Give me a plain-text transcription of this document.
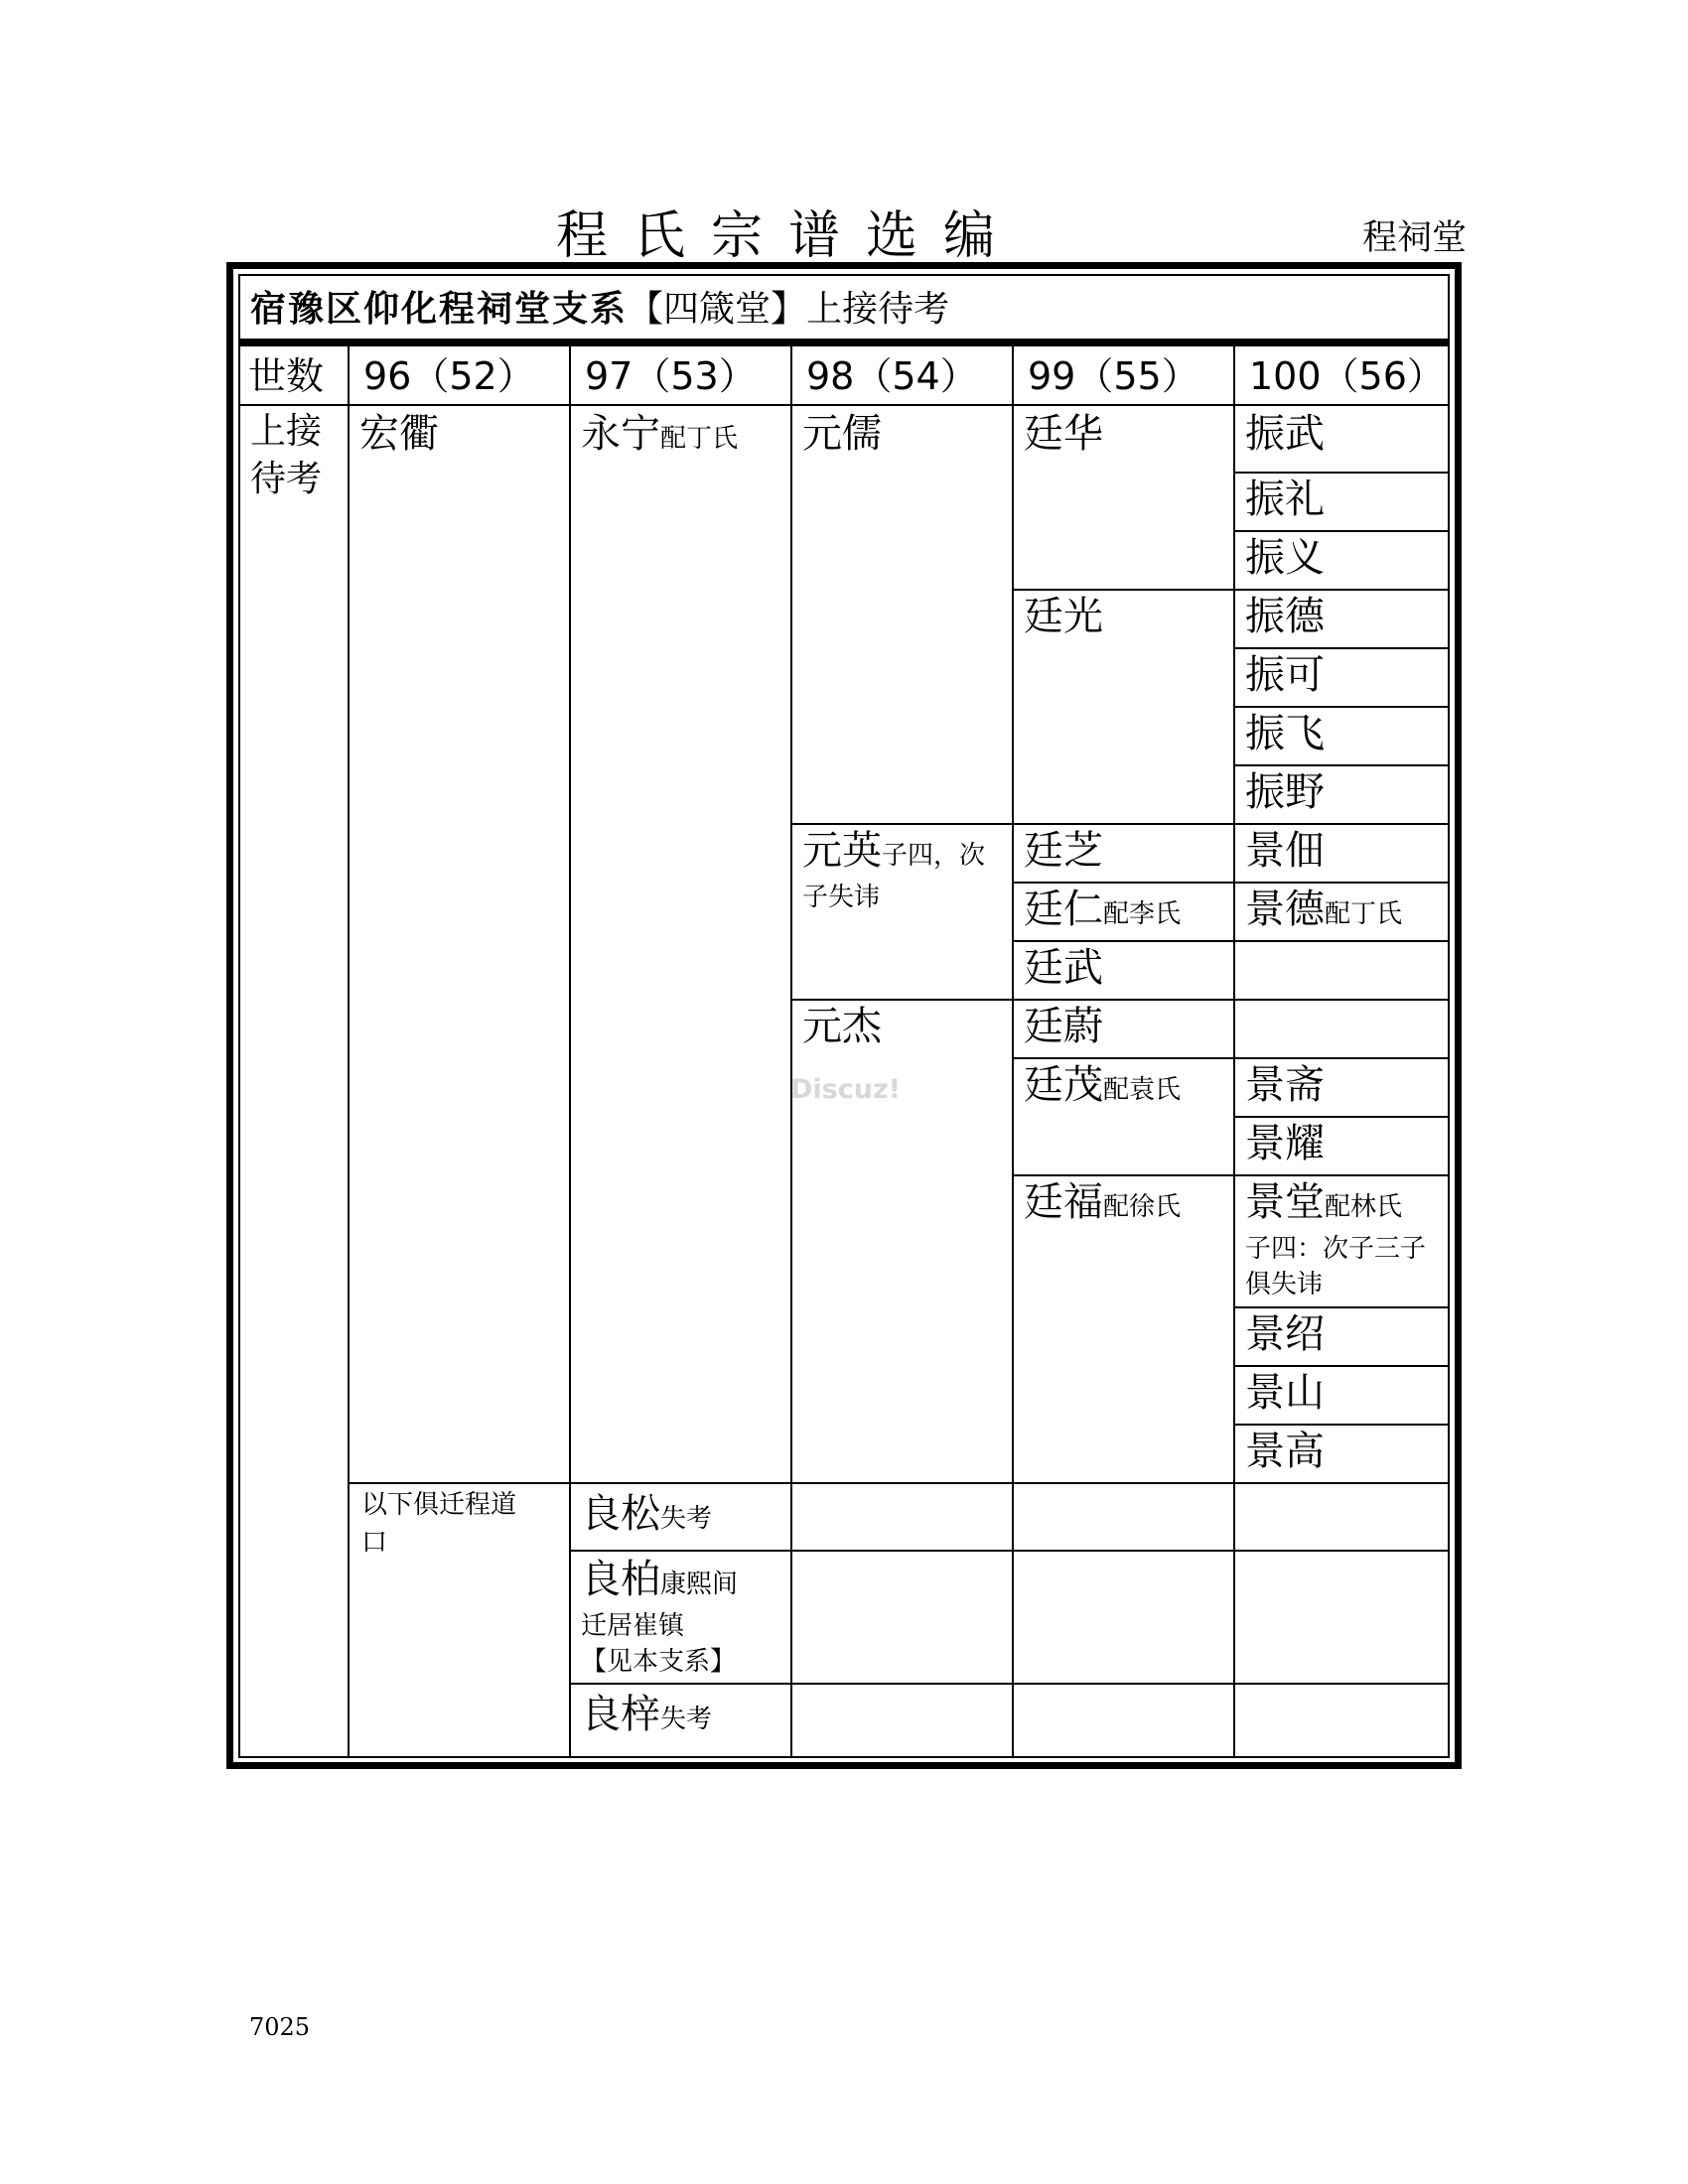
程氏宗谱选编	程祠堂
宿豫区仰化程祠堂支系【四箴堂】上接待考
世数 96（52） 97（53） 98（54） 99（55） 100（56）
上接
待考
宏衢
以下俱迁程道
口
永宁配丁氏
良松失考
良柏康熙间
迁居崔镇
【见本支系】
良梓失考
元儒
元英子四，次
子失讳
元杰
廷华
廷光
廷芝
廷仁配李氏
廷武
廷蔚
廷茂配袁氏
廷福配徐氏
振武
振礼
振义
振德
振可
振飞
振野
景佃
景德配丁氏
景斋
景耀
景堂配林氏
子四：次子三子
俱失讳
景绍
景山
景高
Discuz!
7025
